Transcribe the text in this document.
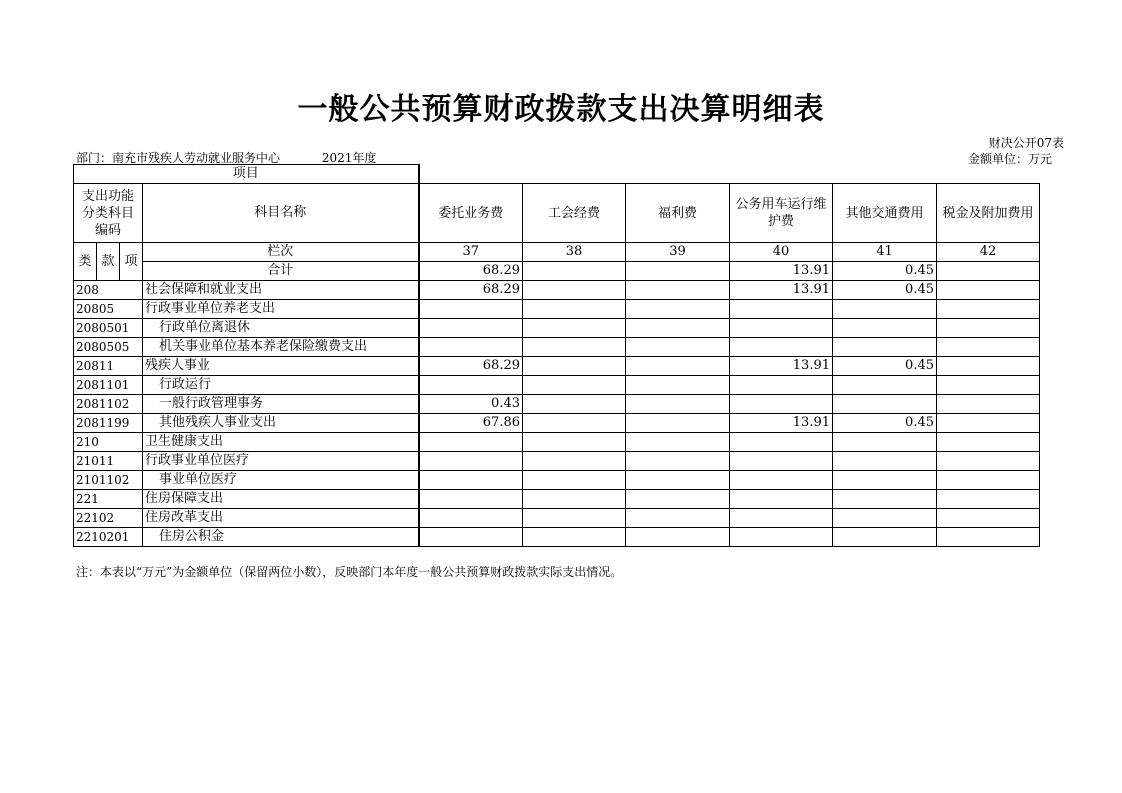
一般公共预算财政拨款支出决算明细表
财决公开07表
金额单位：万元
部门：南充市残疾人劳动就业服务中心	2021年度
项目									
支出功能分类科目编码			科目名称	委托业务费	工会经费	福利费	公务用车运行维护费	其他交通费用	税金及附加费用
类	款	项	栏次	37	38	39	40	41	42
			合计	68.29			13.91	0.45	
208			社会保障和就业支出	68.29			13.91	0.45	
20805			行政事业单位养老支出						
2080501			行政单位离退休						
2080505			机关事业单位基本养老保险缴费支出						
20811			残疾人事业	68.29			13.91	0.45	
2081101			行政运行						
2081102			一般行政管理事务	0.43					
2081199			其他残疾人事业支出	67.86			13.91	0.45	
210			卫生健康支出						
21011			行政事业单位医疗						
2101102			事业单位医疗						
221			住房保障支出						
22102			住房改革支出						
2210201			住房公积金						
注：本表以“万元”为金额单位（保留两位小数），反映部门本年度一般公共预算财政拨款实际支出情况。
